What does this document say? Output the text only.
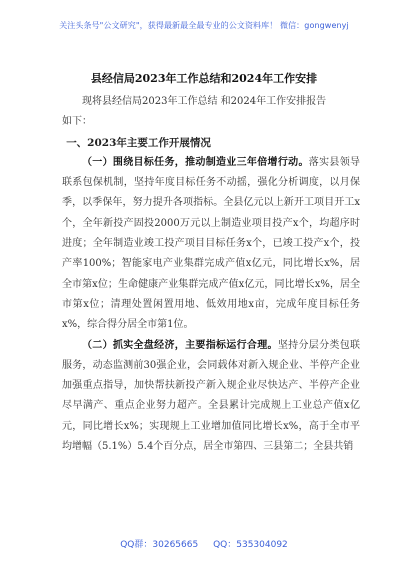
关注头条号"公文研究"，获得最新最全最专业的公文资料库！ 微信：gongwenyj
县经信局2023年工作总结和2024年工作安排

现将县经信局2023年工作总结 和2024年工作安排报告

如下：

一、2023年主要工作开展情况

（一）围绕目标任务，推动制造业三年倍增行动。落实县领导联系包保机制，坚持年度目标任务不动摇，强化分析调度，以月保季，以季保年，努力提升各项指标。全县亿元以上新开工项目开工x个，全年新投产固投2000万元以上制造业项目投产x个，均超序时进度；全年制造业竣工投产项目目标任务x个，已竣工投产x个，投产率100%；智能家电产业集群完成产值x亿元，同比增长x%，居全市第x位；生命健康产业集群完成产值x亿元，同比增长x%，居全市第x位；清理处置闲置用地、低效用地x亩，完成年度目标任务x%，综合得分居全市第1位。

（二）抓实全盘经济，主要指标运行合理。坚持分层分类包联服务，动态监测前30强企业，会同载体对新入规企业、半停产企业加强重点指导，加快帮扶新投产新入规企业尽快达产、半停产企业尽早满产、重点企业努力超产。全县累计完成规上工业总产值x亿元，同比增长x%；实现规上工业增加值同比增长x%，高于全市平均增幅（5.1%）5.4个百分点，居全市第四、三县第二；全县共销

QQ群：30265665 QQ：535304092
